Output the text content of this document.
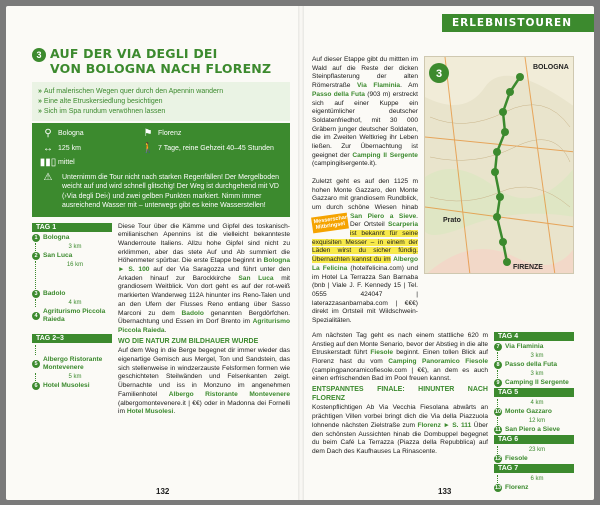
3 AUF DER VIA DEGLI DEI
VON BOLOGNA NACH FLORENZ
» Auf malerischen Wegen quer durch den Apennin wandern
» Eine alte Etruskersiedlung besichtigen
» Sich im Spa rundum verwöhnen lassen
⚲ Bologna	⚑ Florenz
↔ 125 km	🚶 7 Tage, reine Gehzeit 40–45 Stunden
▮▮▯ mittel
⚠	Unternimm die Tour nicht nach starken Regenfällen! Der Mergelboden weicht auf und wird schnell glitschig! Der Weg ist durchgehend mit VD (›Via degli Dei‹) und zwei gelben Punkten markiert. Nimm immer ausreichend Wasser mit – unterwegs gibt es keine Wasserstellen!
TAG 1
1 Bologna
3 km
2 San Luca
16 km
3 Badolo
4 km
4
Agriturismo Piccola Raieda
TAG 2–3
5
Albergo Ristorante Montevenere
5 km
6 Hotel Musolesi
Diese Tour über die Kämme und Gipfel des toskanisch-emilianischen Apennins ist die vielleicht bekannteste Wanderroute Italiens. Allzu hohe Gipfel sind nicht zu erklimmen, aber das stete Auf und Ab summiert die Höhenmeter spürbar. Die erste Etappe beginnt in Bologna ► S. 100 auf der Via Saragozza und führt unter den Arkaden hinauf zur Barockkirche San Luca mit grandiosem Weitblick. Von dort geht es auf der rot-weiß markierten Wanderweg 112A hinunter ins Reno-Talen und an den Ufern der Flusses Reno entlang über Sasso Marconi zu dem Badolo genannten Bergdörfchen. Übernachtung und Essen im Dorf Brento im Agriturismo Piccola Raieda.
WO DIE NATUR ZUM BILDHAUER WURDE
Auf dem Weg in die Berge begegnet dir immer wieder das eigenartige Gemisch aus Mergel, Ton und Sandstein, das sich stellenweise in windzerzauste Felsformen formen wie geschichteten Steilwänden und Felsenkanten zeigt. Übernachte und iss in Monzuno im angenehmen Familienhotel Albergo Ristorante Montevenere (albergomontevenere.it | €€) oder in Madonna dei Fornelli im Hotel Musolesi.
132
ERLEBNISTOUREN
Auf dieser Etappe gibt du mittten im Wald auf die Reste der dicken Steinpflasterung der alten Römerstraße Via Flaminia. Am Passo della Futa (903 m) erstreckt sich auf einer Kuppe ein eigentümlicher deutscher Soldatenfriedhof, mit 30 000 Gräbern junger deutscher Soldaten, die im Zweiten Weltkrieg ihr Leben ließen. Zur Übernachtung ist geeignet der Camping Il Sergente (campingilsergente.it).

Zuletzt geht es auf den 1125 m hohen Monte Gazzaro, den Monte Gazzaro mit grandiosem Rundblick, um durch schöne Wiesen hinab
Messerscharfe Mitbringsel
San Piero a Sieve. Der Ortsteil Scarperia ist bekannt für seine exquisiten Messer – in einem der Läden wirst du sicher fündig. Übernachten kannst du im Albergo La Felicina (hotelfelicina.com) und im Hotel La Terrazza San Barnaba (bnb | Viale J. F. Kennedy 15 | Tel. 0555 424047 | laterazzasanbarnaba.com | €€€) direkt im Ortsteil mit Wildschwein-Spezialitäten.
3
BOLOGNA
Prato
FIRENZE
Am nächsten Tag geht es nach einem stattliche 620 m Anstieg auf den Monte Senario, bevor der Abstieg in die alte Etruskerstadt führt Fiesole beginnt. Einen tollen Blick auf Florenz hast du vom Camping Panoramico Fiesole (campingpanoramicofiesole.com | €€), an dem es auch einen erfrischenden Bad im Pool freuen kannst.
ENTSPANNTES FINALE: HINUNTER NACH FLORENZ
Kostenpflichtigen Ab Via Vecchia Fiesolana abwärts an prächtigen Villen vorbei bringt dich die Via della Piazzuola lohnende nächsten Zielstraße zum Florenz ► S. 111 Über den schönsten Aussichten hinab die Dombuppel begegnet du beim Café La Terrazza (Piazza della Repubblica) auf dem Dach des Kaufhauses La Rinascente.
TAG 4
7 Via Flaminia
3 km
8 Passo della Futa
3 km
9 Camping Il Sergente
TAG 5
4 km
10 Monte Gazzaro
12 km
11 San Piero a Sieve
TAG 6
23 km
12 Fiesole
TAG 7
6 km
13 Florenz
133
